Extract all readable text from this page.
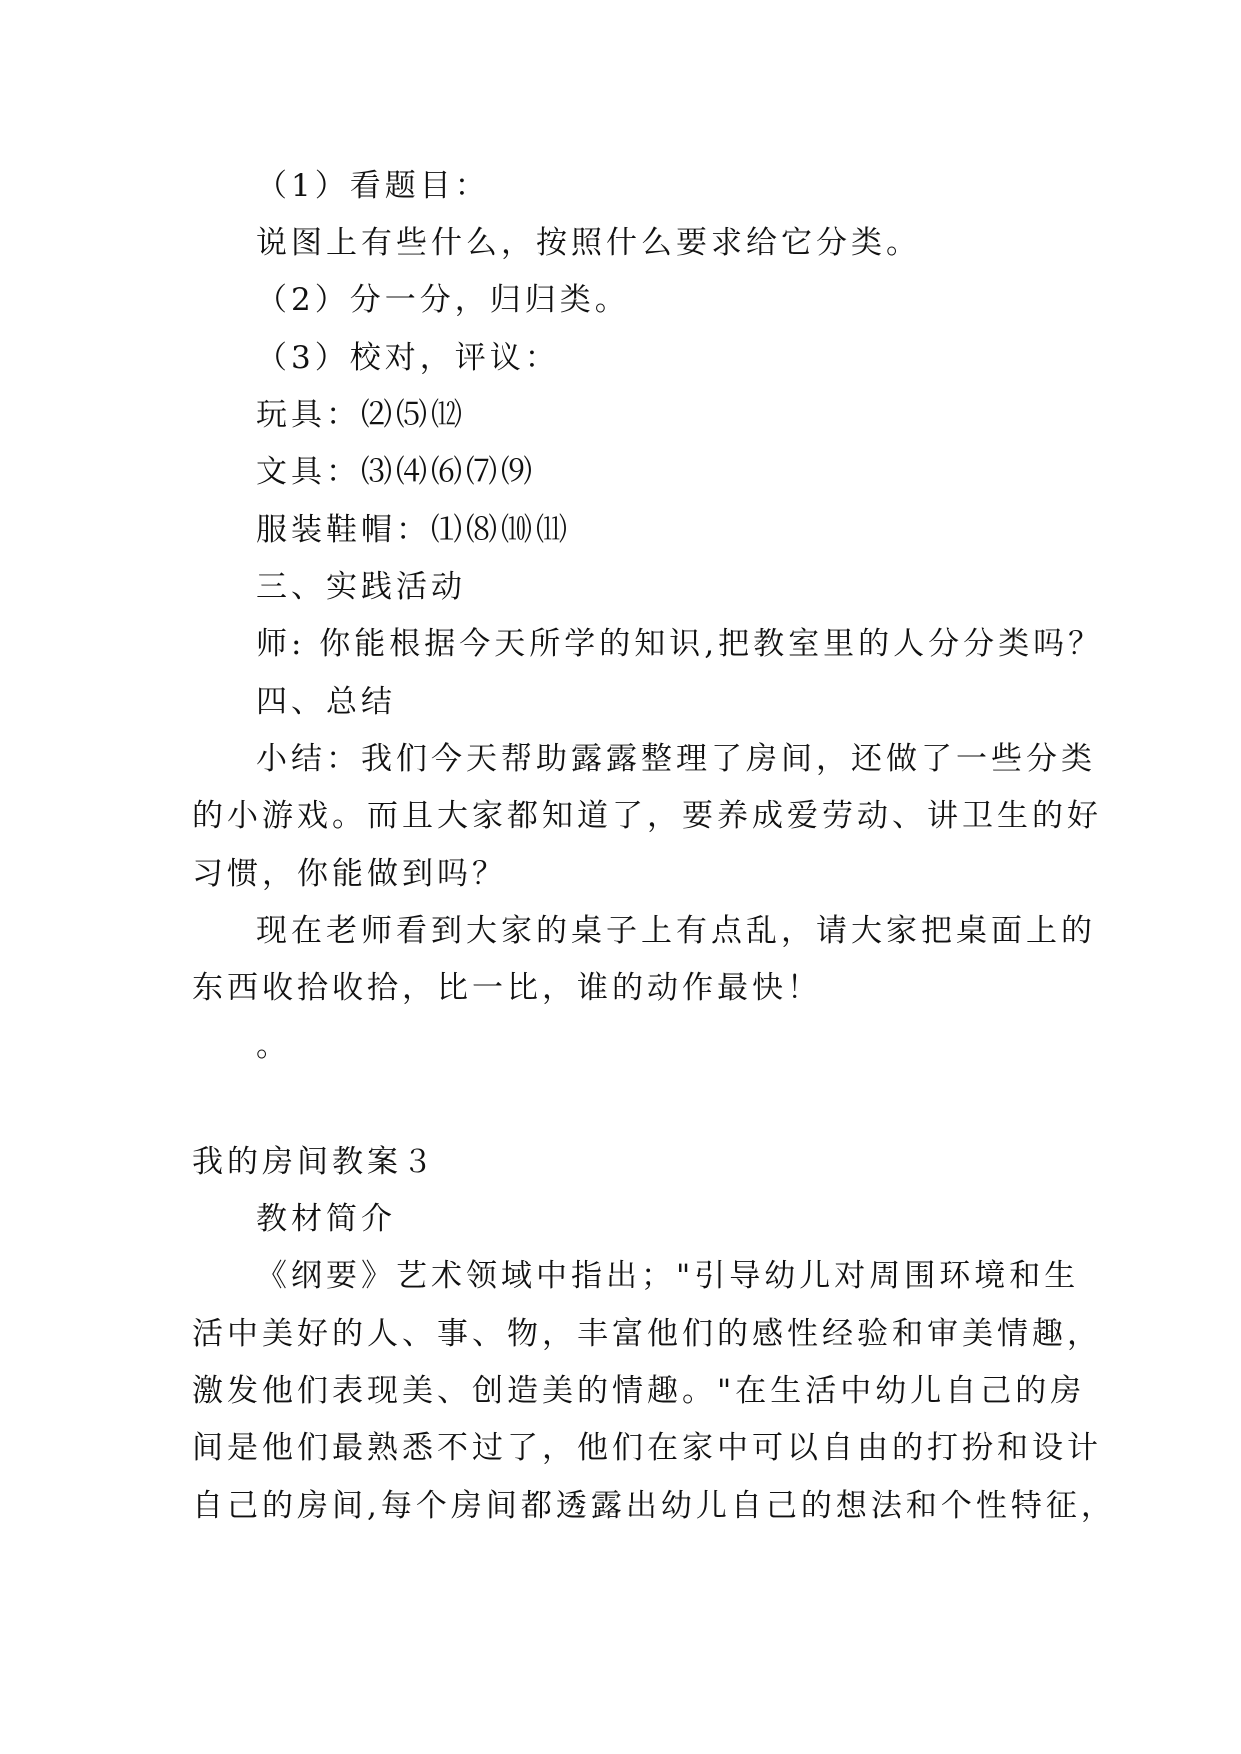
（1）看题目：
说图上有些什么，按照什么要求给它分类。
（2）分一分，归归类。
（3）校对，评议：
玩具：⑵⑸⑿
文具：⑶⑷⑹⑺⑼
服装鞋帽：⑴⑻⑽⑾
三、实践活动
师: 你能根据今天所学的知识,把教室里的人分分类吗？
四、总结
小结：我们今天帮助露露整理了房间，还做了一些分类
的小游戏。而且大家都知道了，要养成爱劳动、讲卫生的好
习惯，你能做到吗？
现在老师看到大家的桌子上有点乱，请大家把桌面上的
东西收拾收拾，比一比，谁的动作最快！
。
我的房间教案３
教材简介
《纲要》艺术领域中指出；"引导幼儿对周围环境和生
活中美好的人、事、物，丰富他们的感性经验和审美情趣，
激发他们表现美、创造美的情趣。"在生活中幼儿自己的房
间是他们最熟悉不过了，他们在家中可以自由的打扮和设计
自己的房间,每个房间都透露出幼儿自己的想法和个性特征，
